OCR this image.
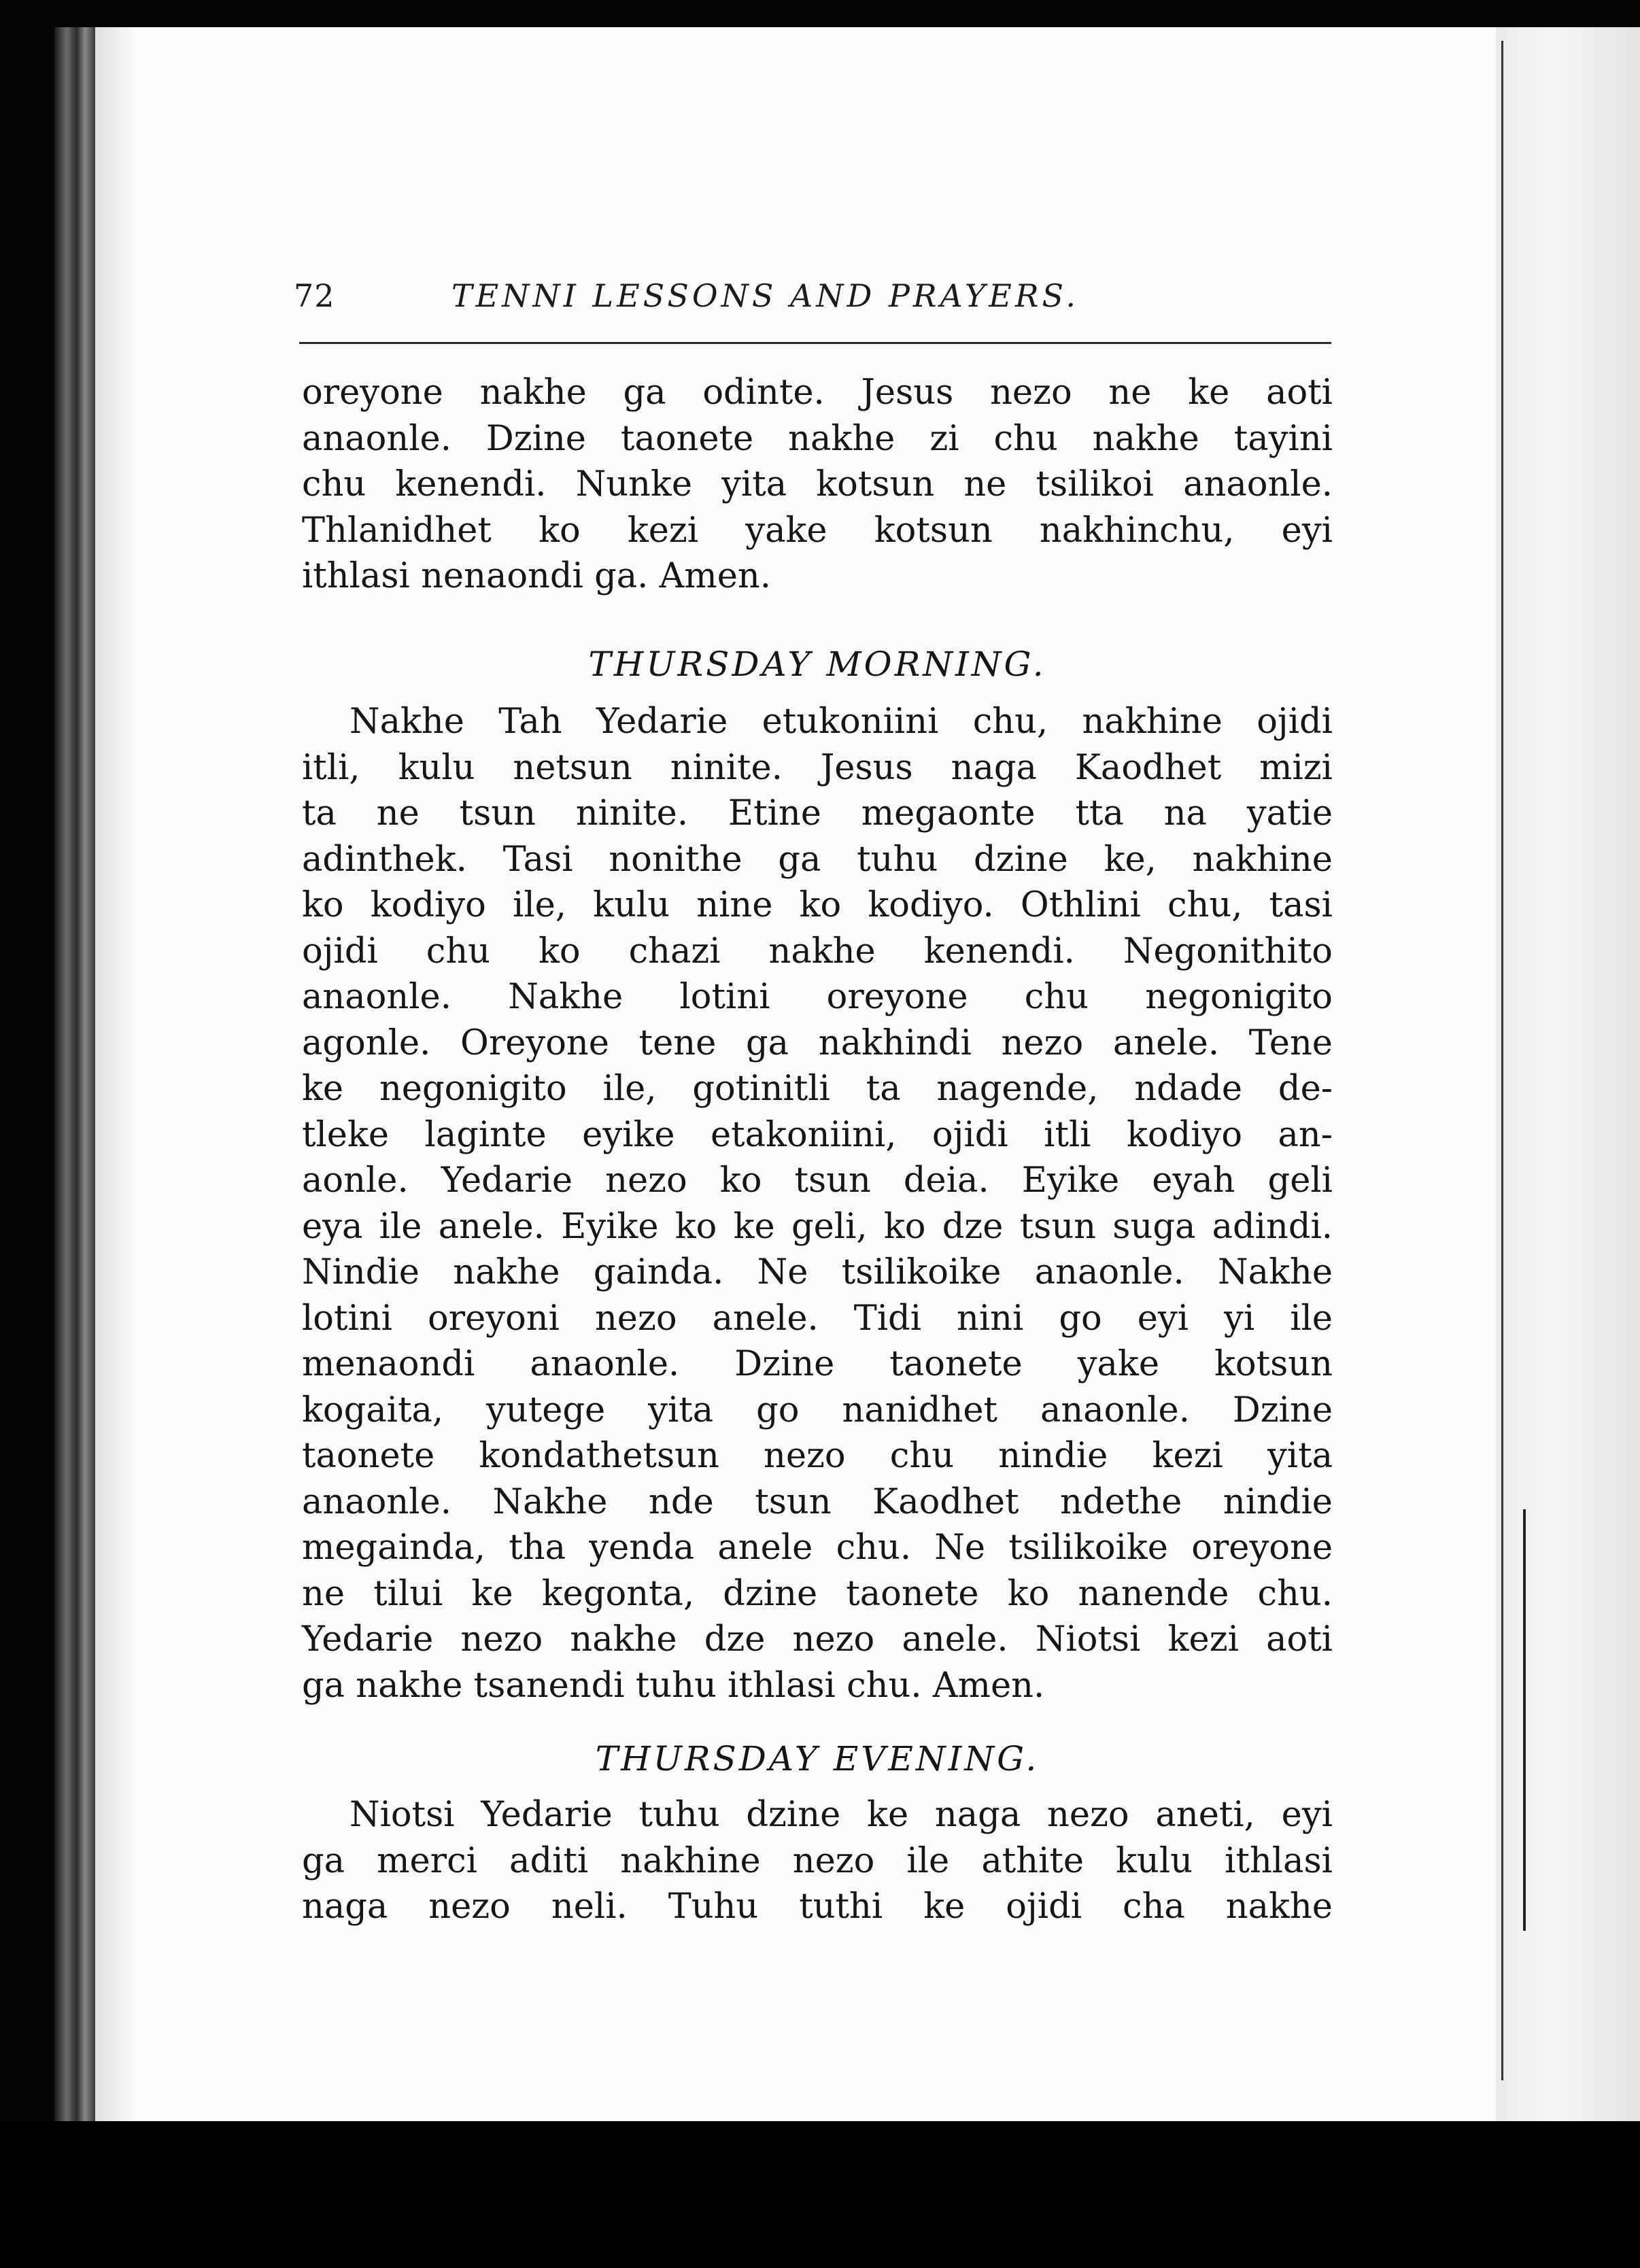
72	TENNI LESSONS AND PRAYERS.
oreyone nakhe ga odinte. Jesus nezo ne ke aoti
anaonle. Dzine taonete nakhe zi chu nakhe tayini
chu kenendi. Nunke yita kotsun ne tsilikoi anaonle.
Thlanidhet ko kezi yake kotsun nakhinchu, eyi
ithlasi nenaondi ga. Amen.
THURSDAY MORNING.
Nakhe Tah Yedarie etukoniini chu, nakhine ojidi
itli, kulu netsun ninite. Jesus naga Kaodhet mizi
ta ne tsun ninite. Etine megaonte tta na yatie
adinthek. Tasi nonithe ga tuhu dzine ke, nakhine
ko kodiyo ile, kulu nine ko kodiyo. Othlini chu, tasi
ojidi chu ko chazi nakhe kenendi. Negonithito
anaonle. Nakhe lotini oreyone chu negonigito
agonle. Oreyone tene ga nakhindi nezo anele. Tene
ke negonigito ile, gotinitli ta nagende, ndade de-
tleke laginte eyike etakoniini, ojidi itli kodiyo an-
aonle. Yedarie nezo ko tsun deia. Eyike eyah geli
eya ile anele. Eyike ko ke geli, ko dze tsun suga adindi.
Nindie nakhe gainda. Ne tsilikoike anaonle. Nakhe
lotini oreyoni nezo anele. Tidi nini go eyi yi ile
menaondi anaonle. Dzine taonete yake kotsun
kogaita, yutege yita go nanidhet anaonle. Dzine
taonete kondathetsun nezo chu nindie kezi yita
anaonle. Nakhe nde tsun Kaodhet ndethe nindie
megainda, tha yenda anele chu. Ne tsilikoike oreyone
ne tilui ke kegonta, dzine taonete ko nanende chu.
Yedarie nezo nakhe dze nezo anele. Niotsi kezi aoti
ga nakhe tsanendi tuhu ithlasi chu. Amen.
THURSDAY EVENING.
Niotsi Yedarie tuhu dzine ke naga nezo aneti, eyi
ga merci aditi nakhine nezo ile athite kulu ithlasi
naga nezo neli. Tuhu tuthi ke ojidi cha nakhe
